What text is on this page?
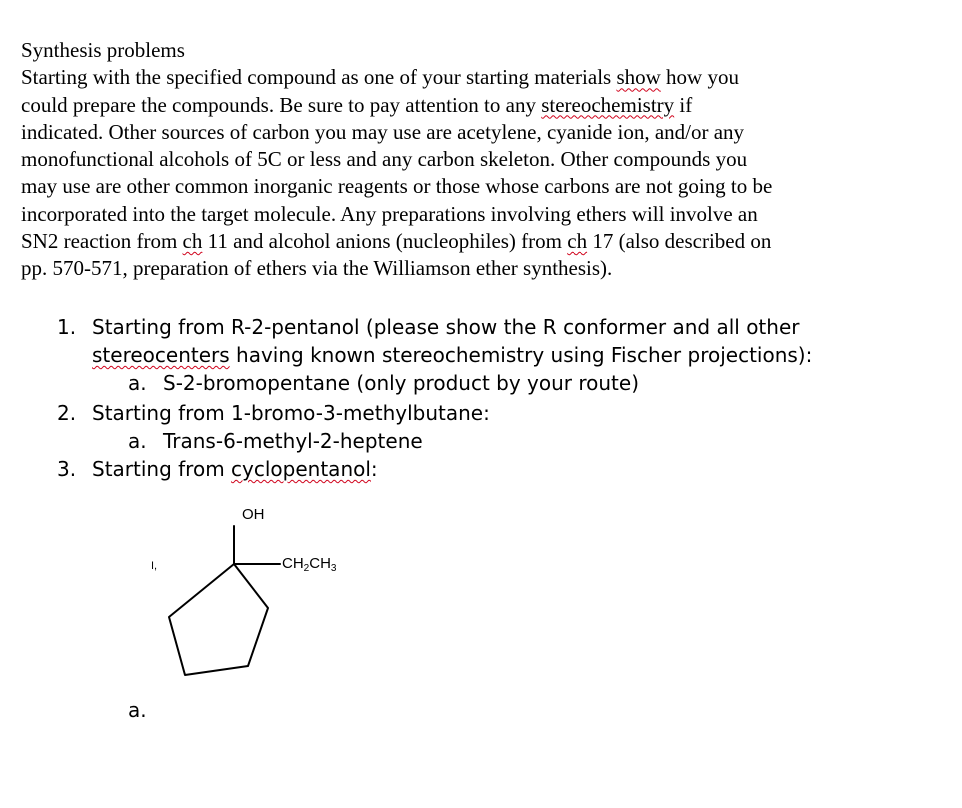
Synthesis problems
Starting with the specified compound as one of your starting materials show how you
could prepare the compounds. Be sure to pay attention to any stereochemistry if
indicated. Other sources of carbon you may use are acetylene, cyanide ion, and/or any
monofunctional alcohols of 5C or less and any carbon skeleton. Other compounds you
may use are other common inorganic reagents or those whose carbons are not going to be
incorporated into the target molecule. Any preparations involving ethers will involve an
SN2 reaction from ch 11 and alcohol anions (nucleophiles) from ch 17 (also described on
pp. 570-571, preparation of ethers via the Williamson ether synthesis).
1. Starting from R-2-pentanol (please show the R conformer and all other
stereocenters having known stereochemistry using Fischer projections):
a. S-2-bromopentane (only product by your route)
2. Starting from 1-bromo-3-methylbutane:
a. Trans-6-methyl-2-heptene
3. Starting from cyclopentanol:
OH
$CH_2CH_3$
I,
a.
